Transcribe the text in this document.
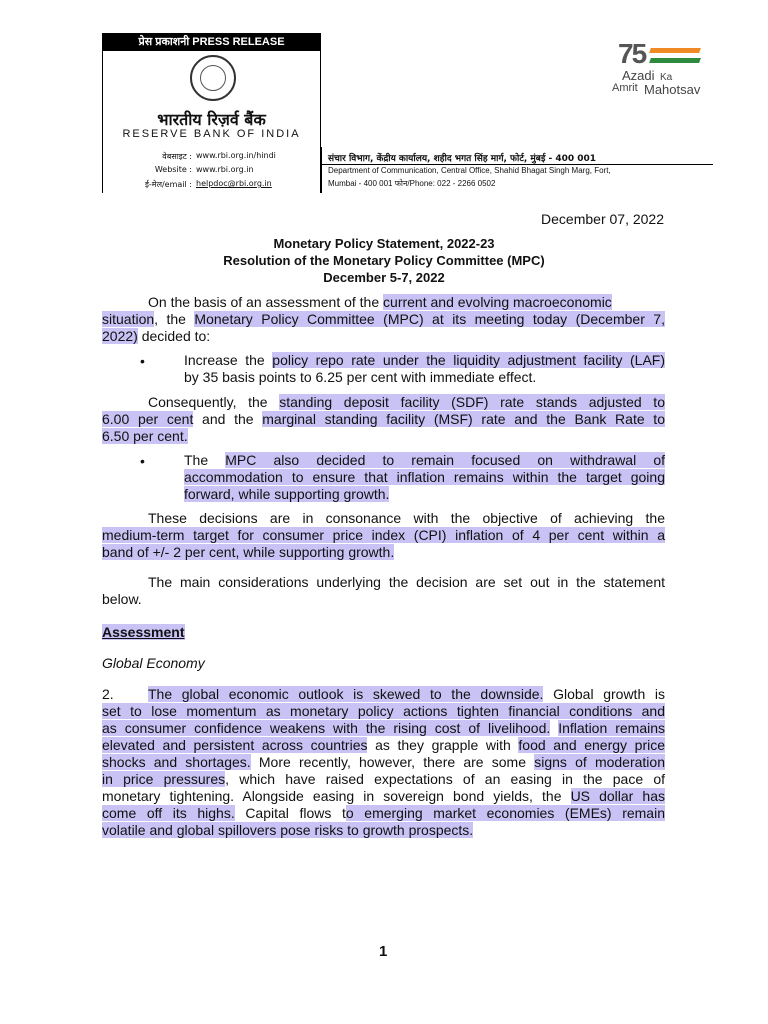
प्रेस प्रकाशनी PRESS RELEASE
भारतीय रिज़र्व बैंक
RESERVE BANK OF INDIA
वेबसाइट : www.rbi.org.in/hindi
Website : www.rbi.org.in
ई-मेल/email : helpdoc@rbi.org.in
संचार विभाग, केंद्रीय कार्यालय, शहीद भगत सिंह मार्ग, फोर्ट, मुंबई - 400 001
Department of Communication, Central Office, Shahid Bhagat Singh Marg, Fort,
Mumbai - 400 001 फोन/Phone: 022 - 2266 0502
75
Azadi Ka
Amrit Mahotsav
December 07, 2022
Monetary Policy Statement, 2022-23
Resolution of the Monetary Policy Committee (MPC)
December 5-7, 2022
On the basis of an assessment of the current and evolving macroeconomic
situation, the Monetary Policy Committee (MPC) at its meeting today (December 7,
2022) decided to:
•	Increase the policy repo rate under the liquidity adjustment facility (LAF)
by 35 basis points to 6.25 per cent with immediate effect.
Consequently, the standing deposit facility (SDF) rate stands adjusted to
6.00 per cent and the marginal standing facility (MSF) rate and the Bank Rate to
6.50 per cent.
•	The MPC also decided to remain focused on withdrawal of
accommodation to ensure that inflation remains within the target going
forward, while supporting growth.
These decisions are in consonance with the objective of achieving the
medium-term target for consumer price index (CPI) inflation of 4 per cent within a
band of +/- 2 per cent, while supporting growth.
The main considerations underlying the decision are set out in the statement
below.
Assessment
Global Economy
2.	The global economic outlook is skewed to the downside. Global growth is
set to lose momentum as monetary policy actions tighten financial conditions and
as consumer confidence weakens with the rising cost of livelihood. Inflation remains
elevated and persistent across countries as they grapple with food and energy price
shocks and shortages. More recently, however, there are some signs of moderation
in price pressures, which have raised expectations of an easing in the pace of
monetary tightening. Alongside easing in sovereign bond yields, the US dollar has
come off its highs. Capital flows to emerging market economies (EMEs) remain
volatile and global spillovers pose risks to growth prospects.
1
